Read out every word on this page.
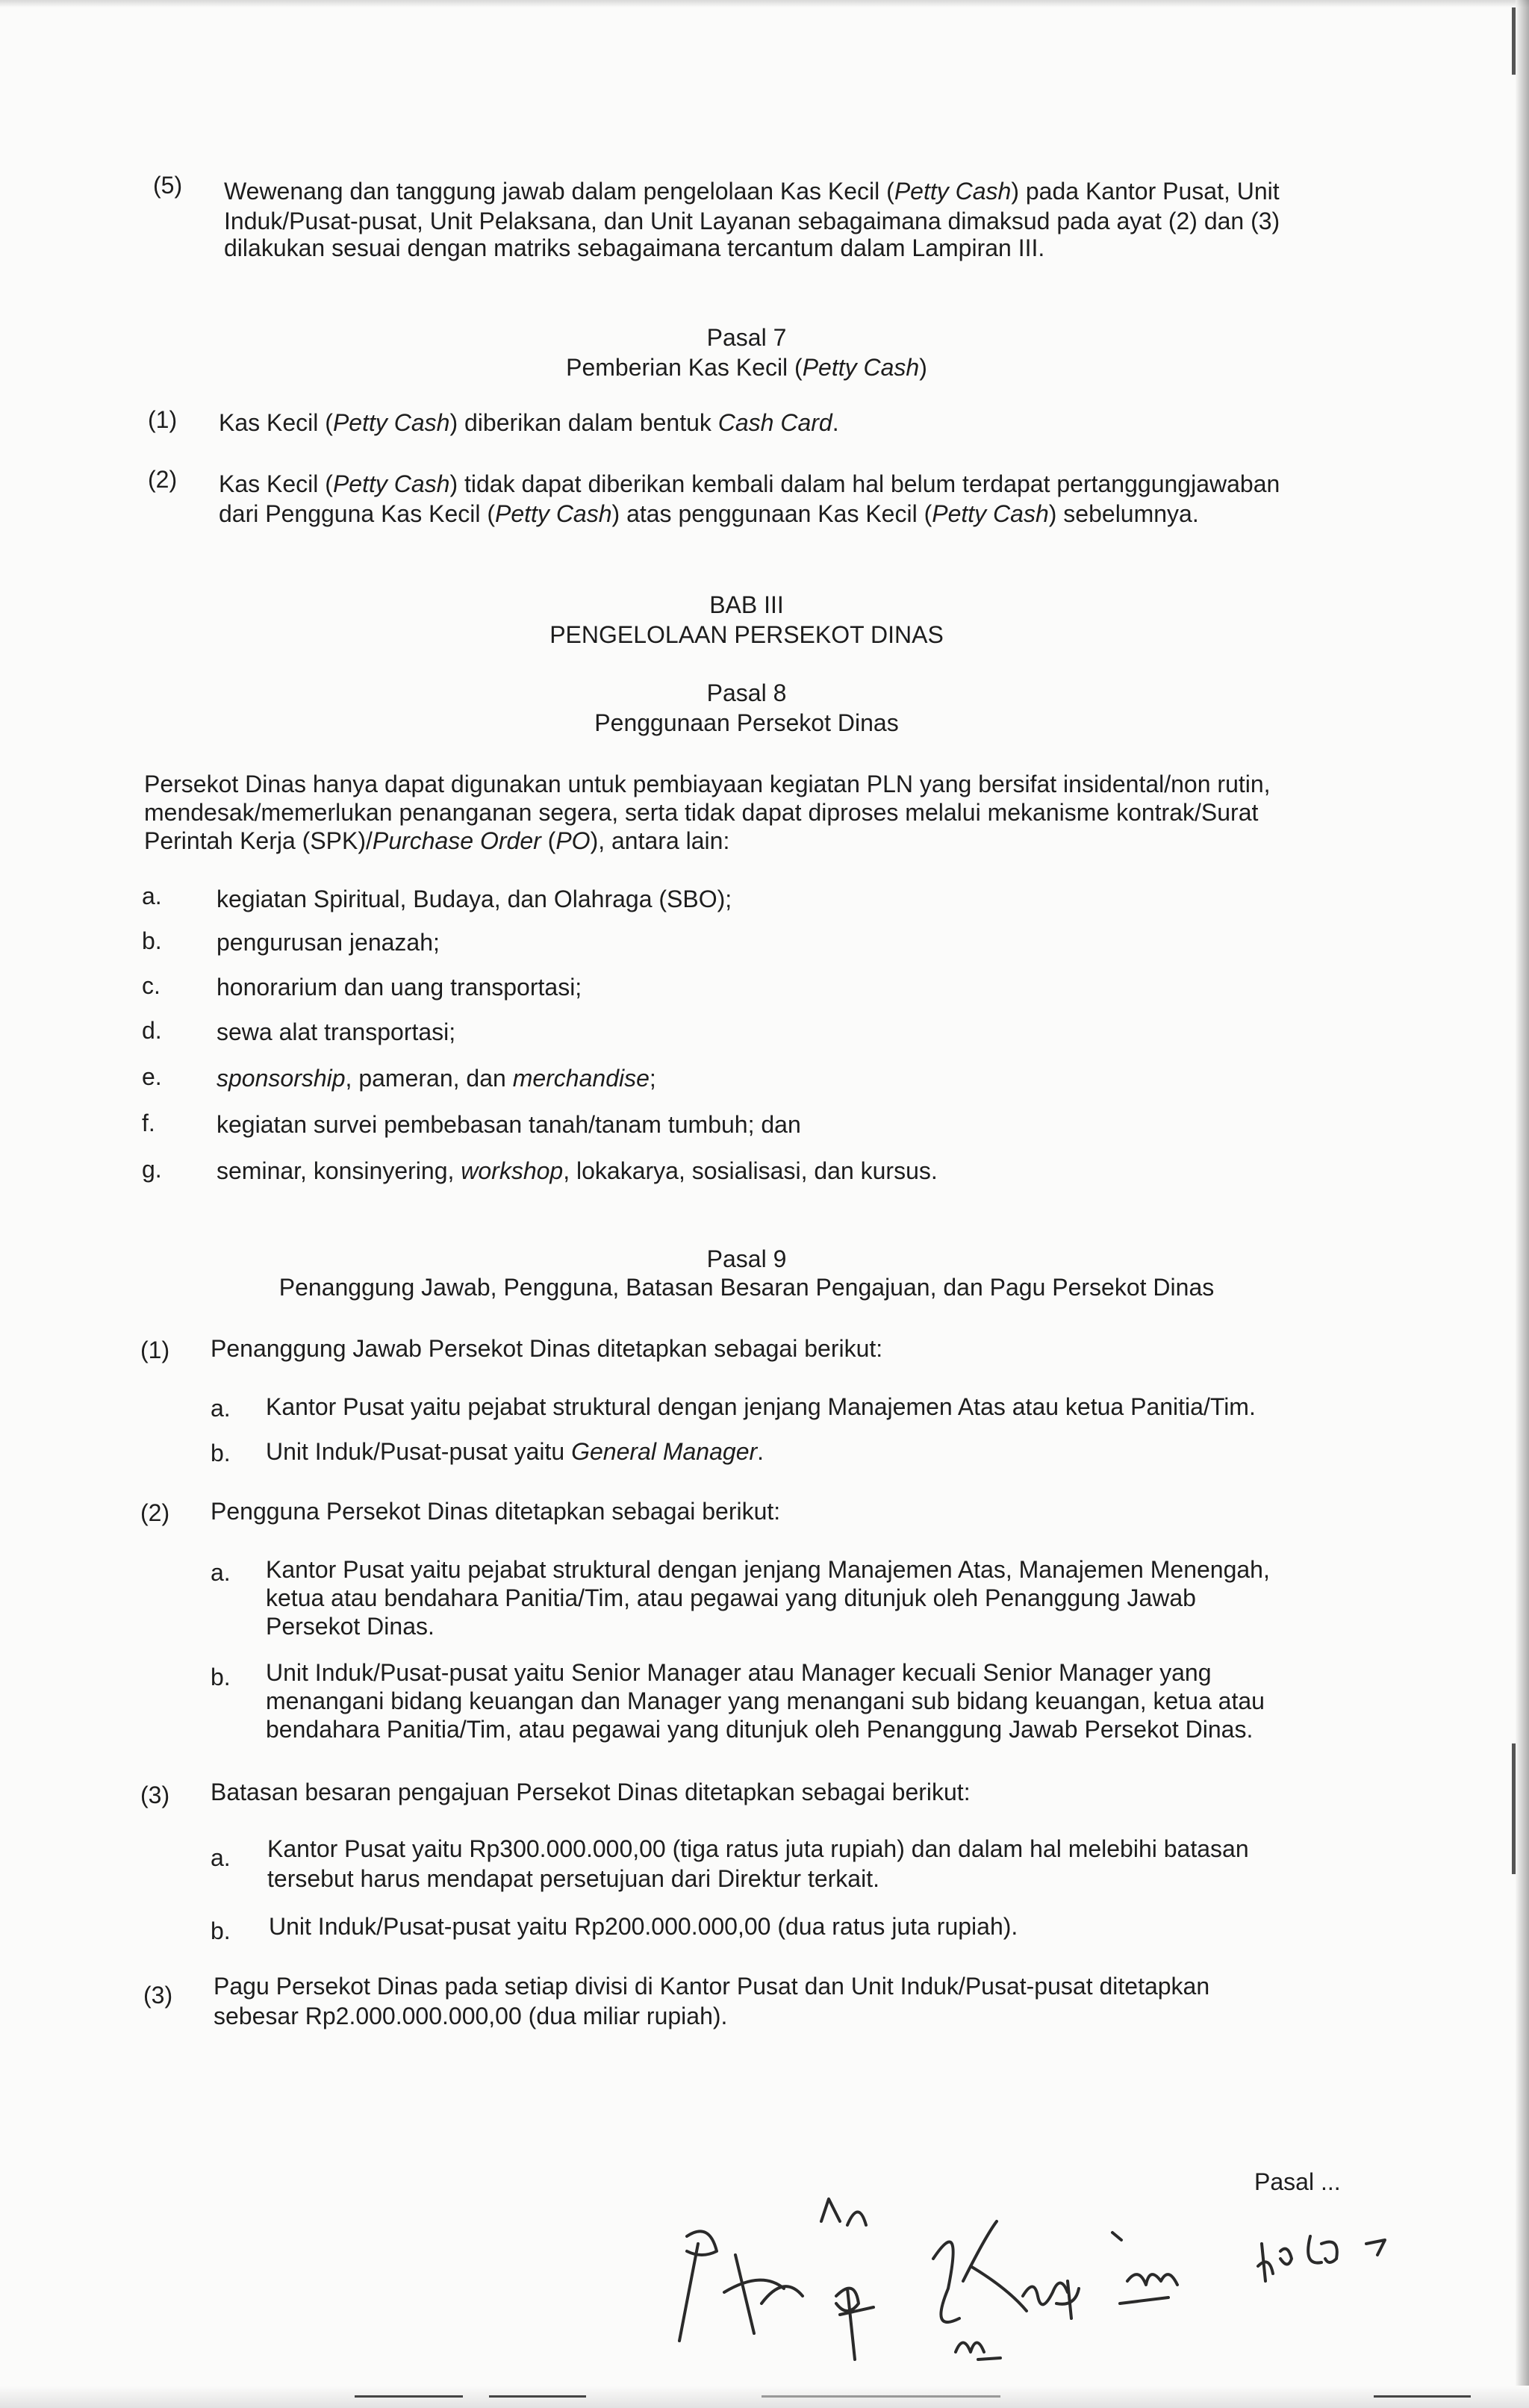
(5) Wewenang dan tanggung jawab dalam pengelolaan Kas Kecil (Petty Cash) pada Kantor Pusat, Unit
Induk/Pusat-pusat, Unit Pelaksana, dan Unit Layanan sebagaimana dimaksud pada ayat (2) dan (3)
dilakukan sesuai dengan matriks sebagaimana tercantum dalam Lampiran III.
Pasal 7
Pemberian Kas Kecil (Petty Cash)
(1) Kas Kecil (Petty Cash) diberikan dalam bentuk Cash Card.
(2) Kas Kecil (Petty Cash) tidak dapat diberikan kembali dalam hal belum terdapat pertanggungjawaban
dari Pengguna Kas Kecil (Petty Cash) atas penggunaan Kas Kecil (Petty Cash) sebelumnya.
BAB III
PENGELOLAAN PERSEKOT DINAS
Pasal 8
Penggunaan Persekot Dinas
Persekot Dinas hanya dapat digunakan untuk pembiayaan kegiatan PLN yang bersifat insidental/non rutin,
mendesak/memerlukan penanganan segera, serta tidak dapat diproses melalui mekanisme kontrak/Surat
Perintah Kerja (SPK)/Purchase Order (PO), antara lain:
a. kegiatan Spiritual, Budaya, dan Olahraga (SBO);
b. pengurusan jenazah;
c. honorarium dan uang transportasi;
d. sewa alat transportasi;
e. sponsorship, pameran, dan merchandise;
f.	kegiatan survei pembebasan tanah/tanam tumbuh; dan
g. seminar, konsinyering, workshop, lokakarya, sosialisasi, dan kursus.
Pasal 9
Penanggung Jawab, Pengguna, Batasan Besaran Pengajuan, dan Pagu Persekot Dinas
(1) Penanggung Jawab Persekot Dinas ditetapkan sebagai berikut:
a. Kantor Pusat yaitu pejabat struktural dengan jenjang Manajemen Atas atau ketua Panitia/Tim.
b. Unit Induk/Pusat-pusat yaitu General Manager.
(2) Pengguna Persekot Dinas ditetapkan sebagai berikut:
a. Kantor Pusat yaitu pejabat struktural dengan jenjang Manajemen Atas, Manajemen Menengah,
ketua atau bendahara Panitia/Tim, atau pegawai yang ditunjuk oleh Penanggung Jawab
Persekot Dinas.
b. Unit Induk/Pusat-pusat yaitu Senior Manager atau Manager kecuali Senior Manager yang
menangani bidang keuangan dan Manager yang menangani sub bidang keuangan, ketua atau
bendahara Panitia/Tim, atau pegawai yang ditunjuk oleh Penanggung Jawab Persekot Dinas.
(3) Batasan besaran pengajuan Persekot Dinas ditetapkan sebagai berikut:
a. Kantor Pusat yaitu Rp300.000.000,00 (tiga ratus juta rupiah) dan dalam hal melebihi batasan
tersebut harus mendapat persetujuan dari Direktur terkait.
b. Unit Induk/Pusat-pusat yaitu Rp200.000.000,00 (dua ratus juta rupiah).
(3) Pagu Persekot Dinas pada setiap divisi di Kantor Pusat dan Unit Induk/Pusat-pusat ditetapkan
sebesar Rp2.000.000.000,00 (dua miliar rupiah).
Pasal ...
